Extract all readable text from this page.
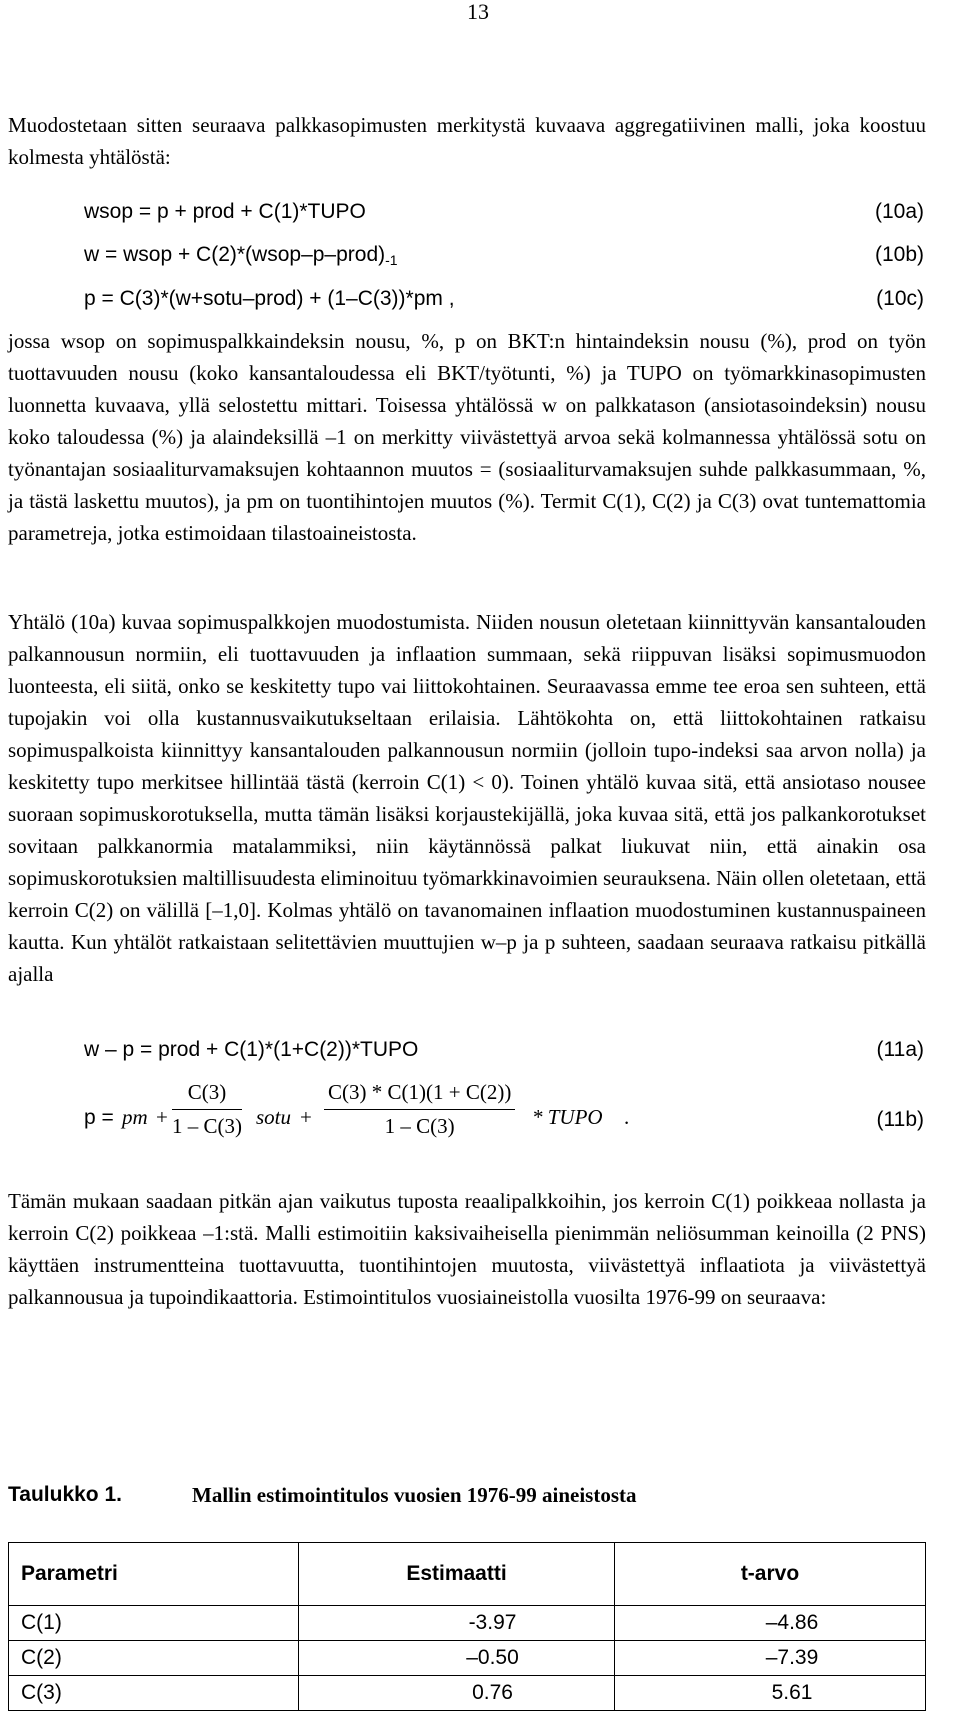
13

Muodostetaan sitten seuraava palkkasopimusten merkitystä kuvaava aggregatiivinen malli, joka koostuu kolmesta yhtälöstä:

wsop = p + prod + C(1)*TUPO	(10a)
w = wsop + $C(2)*(wsop-p-prod)_{-1}$	(10b)
p = C(3)*(w+sotu–prod) + (1–C(3))*pm ,	(10c)

jossa wsop on sopimuspalkkaindeksin nousu, %, p on BKT:n hintaindeksin nousu (%), prod on työn tuottavuuden nousu (koko kansantaloudessa eli BKT/työtunti, %) ja TUPO on työmarkkinasopimusten luonnetta kuvaava, yllä selostettu mittari. Toisessa yhtälössä w on palkkatason (ansiotasoindeksin) nousu koko taloudessa (%) ja alaindeksillä –1 on merkitty viivästettyä arvoa sekä kolmannessa yhtälössä sotu on työnantajan sosiaaliturvamaksujen kohtaannon muutos = (sosiaaliturvamaksujen suhde palkkasummaan, %, ja tästä laskettu muutos), ja pm on tuontihintojen muutos (%). Termit C(1), C(2) ja C(3) ovat tuntemattomia parametreja, jotka estimoidaan tilastoaineistosta.

Yhtälö (10a) kuvaa sopimuspalkkojen muodostumista. Niiden nousun oletetaan kiinnittyvän kansantalouden palkannousun normiin, eli tuottavuuden ja inflaation summaan, sekä riippuvan lisäksi sopimusmuodon luonteesta, eli siitä, onko se keskitetty tupo vai liittokohtainen. Seuraavassa emme tee eroa sen suhteen, että tupojakin voi olla kustannusvaikutukseltaan erilaisia. Lähtökohta on, että liittokohtainen ratkaisu sopimuspalkoista kiinnittyy kansantalouden palkannousun normiin (jolloin tupo-indeksi saa arvon nolla) ja keskitetty tupo merkitsee hillintää tästä (kerroin C(1) < 0). Toinen yhtälö kuvaa sitä, että ansiotaso nousee suoraan sopimuskorotuksella, mutta tämän lisäksi korjaustekijällä, joka kuvaa sitä, että jos palkankorotukset sovitaan palkkanormia matalammiksi, niin käytännössä palkat liukuvat niin, että ainakin osa sopimuskorotuksien maltillisuudesta eliminoituu työmarkkinavoimien seurauksena. Näin ollen oletetaan, että kerroin C(2) on välillä [–1,0]. Kolmas yhtälö on tavanomainen inflaation muodostuminen kustannuspaineen kautta. Kun yhtälöt ratkaistaan selitettävien muuttujien w–p ja p suhteen, saadaan seuraava ratkaisu pitkällä ajalla

w – p = prod + C(1)*(1+C(2))*TUPO	(11a)
p = pm + $\frac{C(3)}{1 - C(3)}$ sotu + $\frac{C(3) * C(1)(1 + C(2))}{1 - C(3)}$ * TUPO .	(11b)

Tämän mukaan saadaan pitkän ajan vaikutus tuposta reaalipalkkoihin, jos kerroin C(1) poikkeaa nollasta ja kerroin C(2) poikkeaa –1:stä. Malli estimoitiin kaksivaiheisella pienimmän neliösumman keinoilla (2 PNS) käyttäen instrumentteina tuottavuutta, tuontihintojen muutosta, viivästettyä inflaatiota ja viivästettyä palkannousua ja tupoindikaattoria. Estimointitulos vuosiaineistolla vuosilta 1976-99 on seuraava:

Taulukko 1.	Mallin estimointitulos vuosien 1976-99 aineistosta
Parametri	Estimaatti	t-arvo
C(1)	-3.97	–4.86
C(2)	–0.50	–7.39
C(3)	0.76	5.61
